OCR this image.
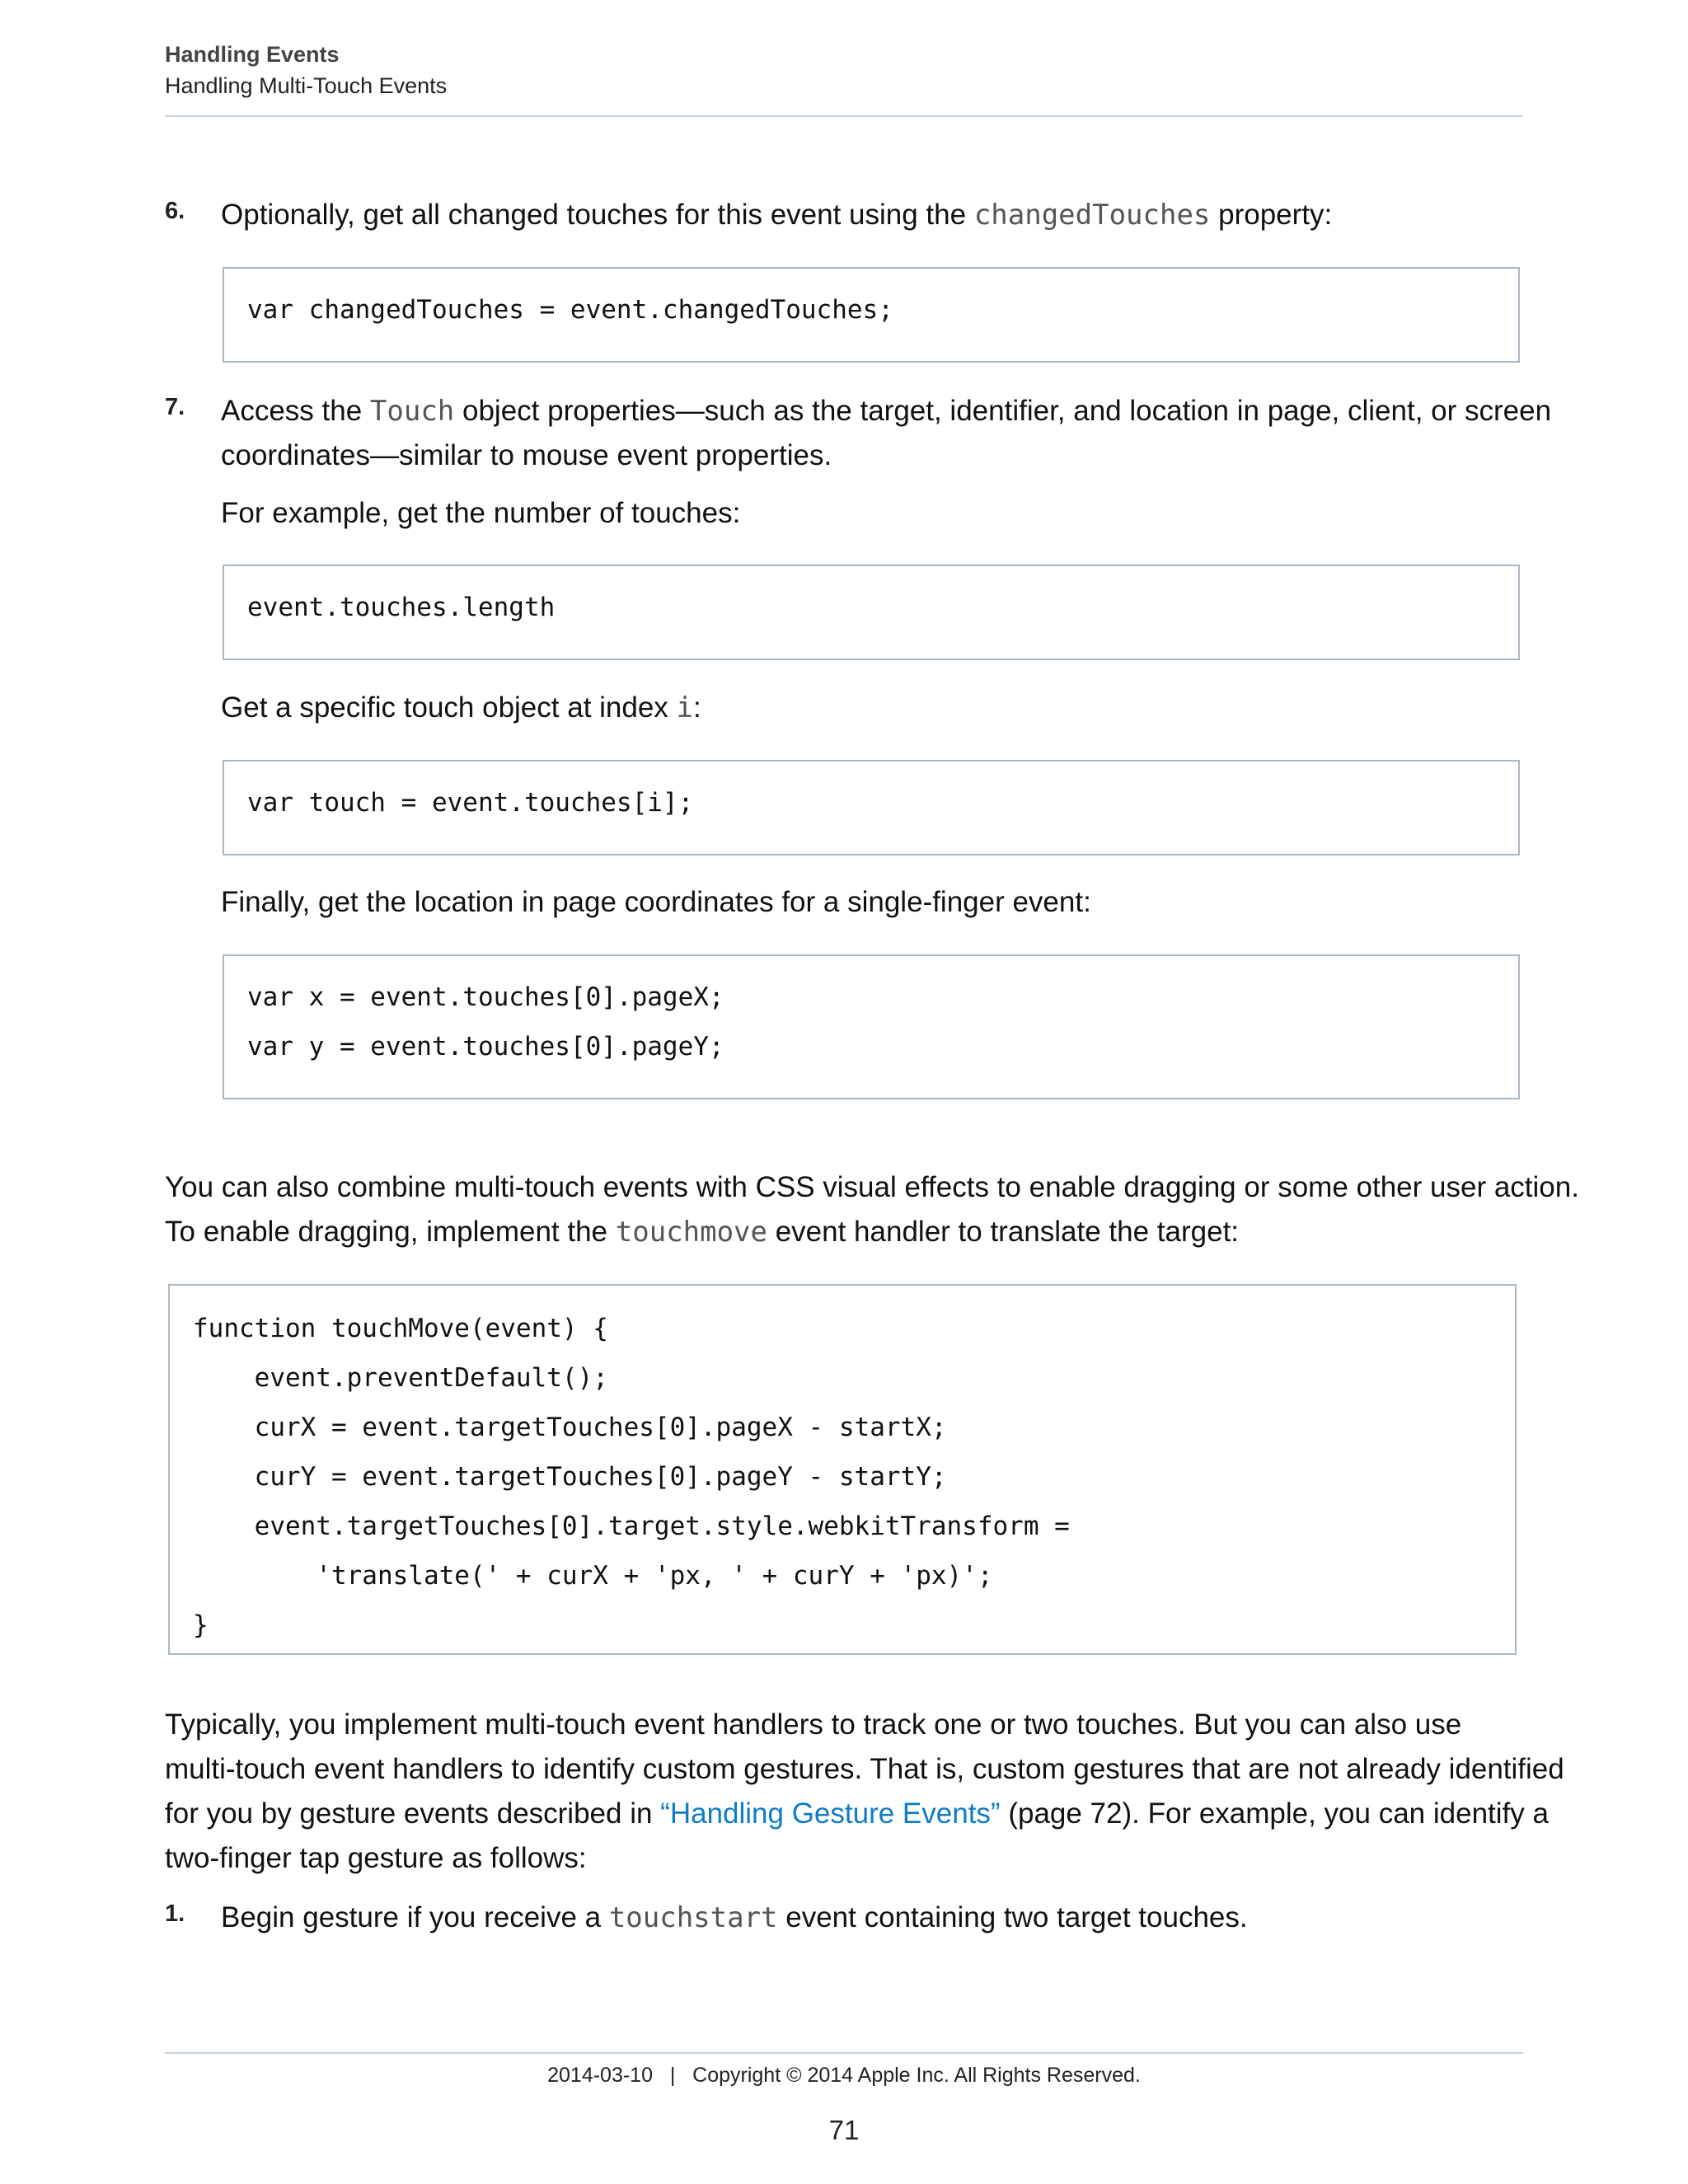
Handling Events
Handling Multi-Touch Events
6. Optionally, get all changed touches for this event using the changedTouches property:
var changedTouches = event.changedTouches;
7. Access the Touch object properties—such as the target, identifier, and location in page, client, or screen
coordinates—similar to mouse event properties.
For example, get the number of touches:
event.touches.length
Get a specific touch object at index i:
var touch = event.touches[i];
Finally, get the location in page coordinates for a single-finger event:
var x = event.touches[0].pageX;
var y = event.touches[0].pageY;
You can also combine multi-touch events with CSS visual effects to enable dragging or some other user action.
To enable dragging, implement the touchmove event handler to translate the target:
function touchMove(event) {
event.preventDefault();
curX = event.targetTouches[0].pageX - startX;
curY = event.targetTouches[0].pageY - startY;
event.targetTouches[0].target.style.webkitTransform =
'translate(' + curX + 'px, ' + curY + 'px)';
}
Typically, you implement multi-touch event handlers to track one or two touches. But you can also use
multi-touch event handlers to identify custom gestures. That is, custom gestures that are not already identified
for you by gesture events described in “Handling Gesture Events” (page 72). For example, you can identify a
two-finger tap gesture as follows:
1. Begin gesture if you receive a touchstart event containing two target touches.
2014-03-10   |   Copyright © 2014 Apple Inc. All Rights Reserved.
71
